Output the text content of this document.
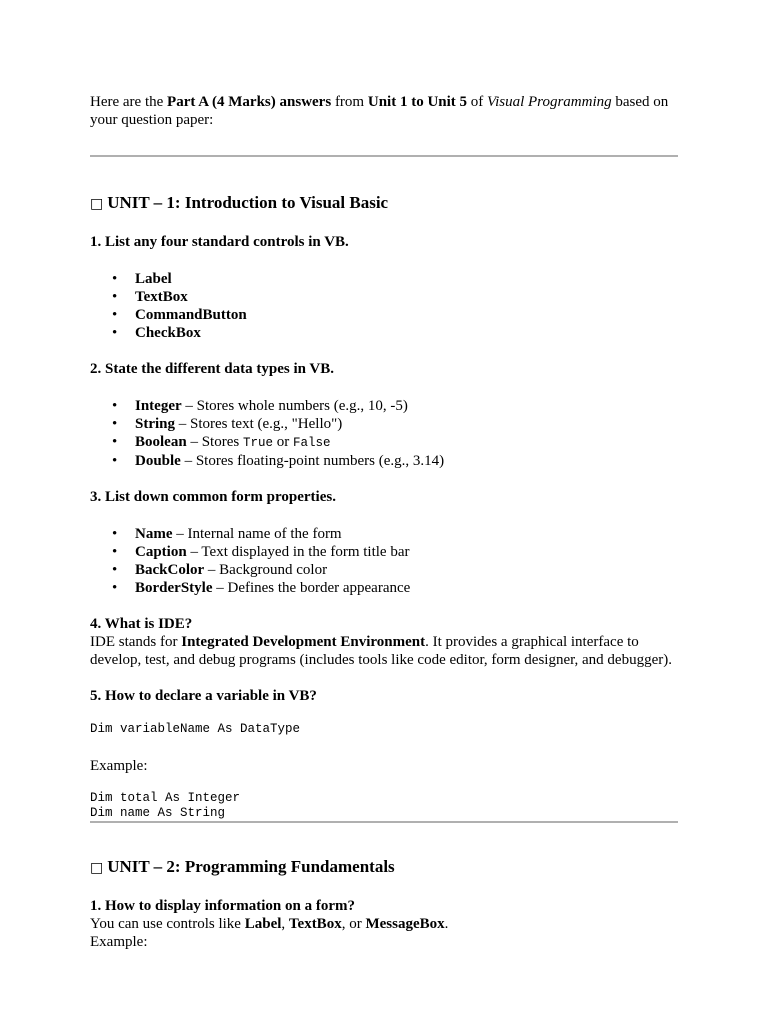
Here are the Part A (4 Marks) answers from Unit 1 to Unit 5 of Visual Programming based on your question paper:

□ UNIT – 1: Introduction to Visual Basic
1. List any four standard controls in VB.
• Label
• TextBox
• CommandButton
• CheckBox
2. State the different data types in VB.
• Integer – Stores whole numbers (e.g., 10, -5)
• String – Stores text (e.g., "Hello")
• Boolean – Stores True or False
• Double – Stores floating-point numbers (e.g., 3.14)
3. List down common form properties.
• Name – Internal name of the form
• Caption – Text displayed in the form title bar
• BackColor – Background color
• BorderStyle – Defines the border appearance
4. What is IDE?

IDE stands for Integrated Development Environment. It provides a graphical interface to develop, test, and debug programs (includes tools like code editor, form designer, and debugger).

5. How to declare a variable in VB?
Dim variableName As DataType

Example:

Dim total As Integer
Dim name As String
□ UNIT – 2: Programming Fundamentals
1. How to display information on a form?

You can use controls like Label, TextBox, or MessageBox.

Example:
